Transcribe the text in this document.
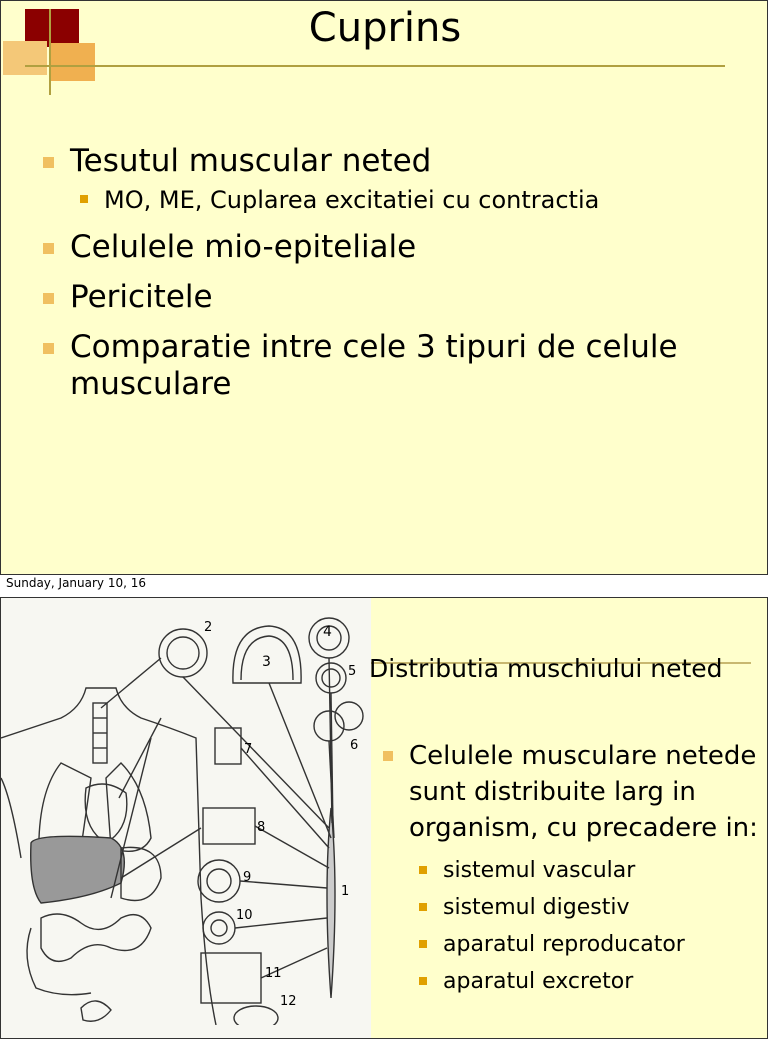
Cuprins
Tesutul muscular neted
MO, ME, Cuplarea excitatiei cu contractia
Celulele mio-epiteliale
Pericitele
Comparatie intre cele 3 tipuri de celule musculare
Sunday, January 10, 16
2
3
4
5
6
7
8
9
10
11
12
1
Distributia muschiului neted
Celulele musculare netede sunt distribuite larg in organism, cu precadere in:
sistemul vascular
sistemul digestiv
aparatul reproducator
aparatul excretor
